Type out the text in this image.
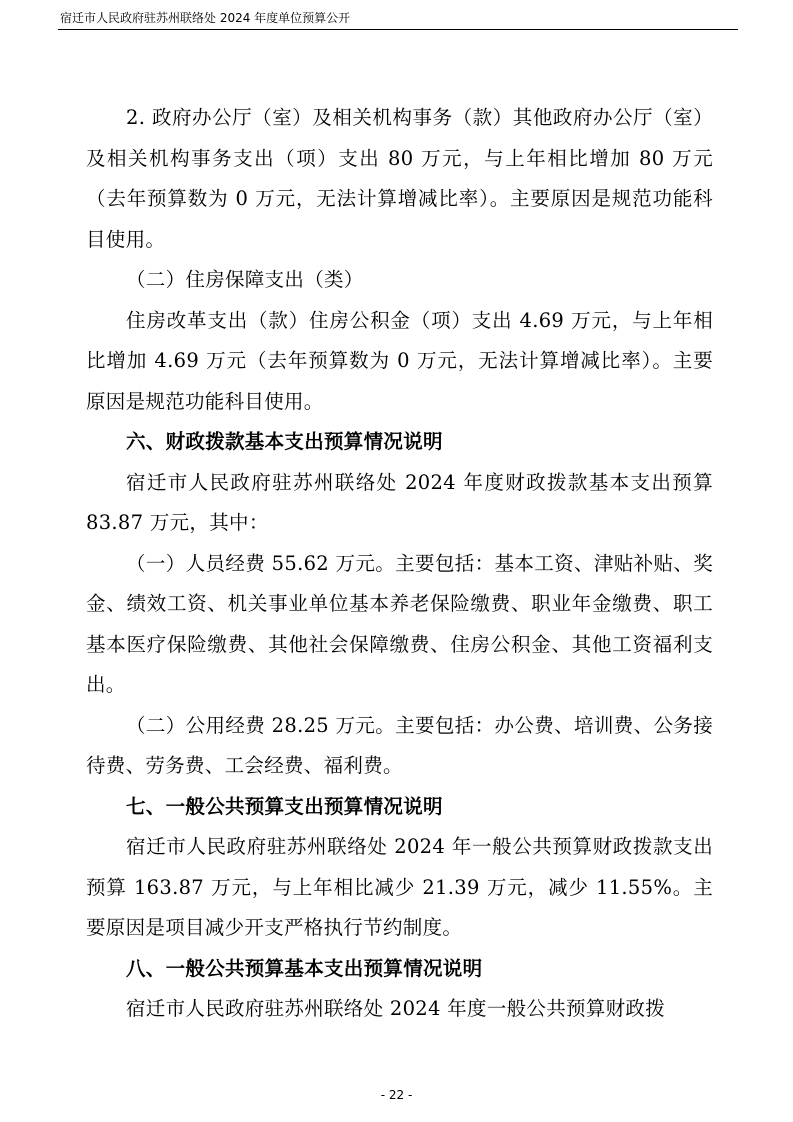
宿迁市人民政府驻苏州联络处 2024 年度单位预算公开

2. 政府办公厅（室）及相关机构事务（款）其他政府办公厅（室）及相关机构事务支出（项）支出 80 万元，与上年相比增加 80 万元（去年预算数为 0 万元，无法计算增减比率）。主要原因是规范功能科目使用。

（二）住房保障支出（类）

住房改革支出（款）住房公积金（项）支出 4.69 万元，与上年相比增加 4.69 万元（去年预算数为 0 万元，无法计算增减比率）。主要原因是规范功能科目使用。

六、财政拨款基本支出预算情况说明

宿迁市人民政府驻苏州联络处 2024 年度财政拨款基本支出预算 83.87 万元，其中：

（一）人员经费 55.62 万元。主要包括：基本工资、津贴补贴、奖金、绩效工资、机关事业单位基本养老保险缴费、职业年金缴费、职工基本医疗保险缴费、其他社会保障缴费、住房公积金、其他工资福利支出。

（二）公用经费 28.25 万元。主要包括：办公费、培训费、公务接待费、劳务费、工会经费、福利费。

七、一般公共预算支出预算情况说明

宿迁市人民政府驻苏州联络处 2024 年一般公共预算财政拨款支出预算 163.87 万元，与上年相比减少 21.39 万元，减少 11.55%。主要原因是项目减少开支严格执行节约制度。

八、一般公共预算基本支出预算情况说明

宿迁市人民政府驻苏州联络处 2024 年度一般公共预算财政拨

- 22 -
